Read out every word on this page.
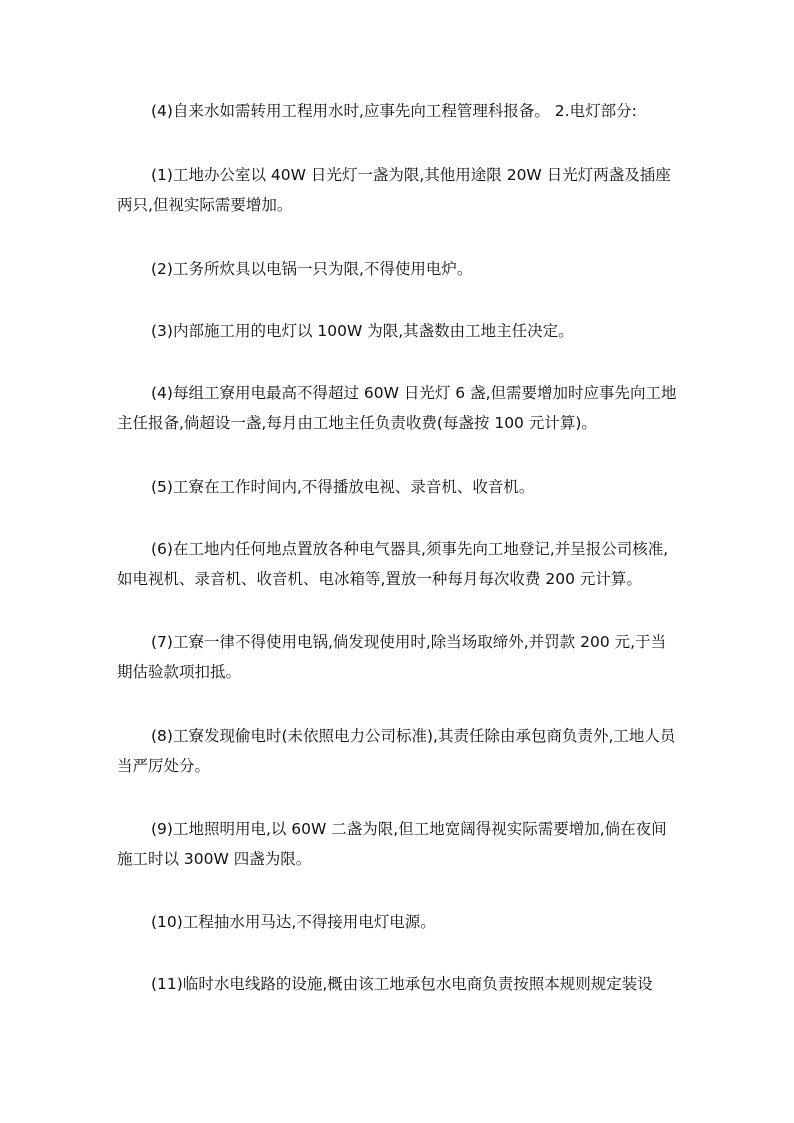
(4)自来水如需转用工程用水时,应事先向工程管理科报备。 2.电灯部分:

(1)工地办公室以 40W 日光灯一盏为限,其他用途限 20W 日光灯两盏及插座两只,但视实际需要增加。

(2)工务所炊具以电锅一只为限,不得使用电炉。

(3)内部施工用的电灯以 100W 为限,其盏数由工地主任决定。

(4)每组工寮用电最高不得超过 60W 日光灯 6 盏,但需要增加时应事先向工地主任报备,倘超设一盏,每月由工地主任负责收费(每盏按 100 元计算)。

(5)工寮在工作时间内,不得播放电视、录音机、收音机。

(6)在工地内任何地点置放各种电气器具,须事先向工地登记,并呈报公司核准,如电视机、录音机、收音机、电冰箱等,置放一种每月每次收费 200 元计算。

(7)工寮一律不得使用电锅,倘发现使用时,除当场取缔外,并罚款 200 元,于当期估验款项扣抵。

(8)工寮发现偷电时(未依照电力公司标准),其责任除由承包商负责外,工地人员当严厉处分。

(9)工地照明用电,以 60W 二盏为限,但工地宽阔得视实际需要增加,倘在夜间施工时以 300W 四盏为限。

(10)工程抽水用马达,不得接用电灯电源。

(11)临时水电线路的设施,概由该工地承包水电商负责按照本规则规定装设
